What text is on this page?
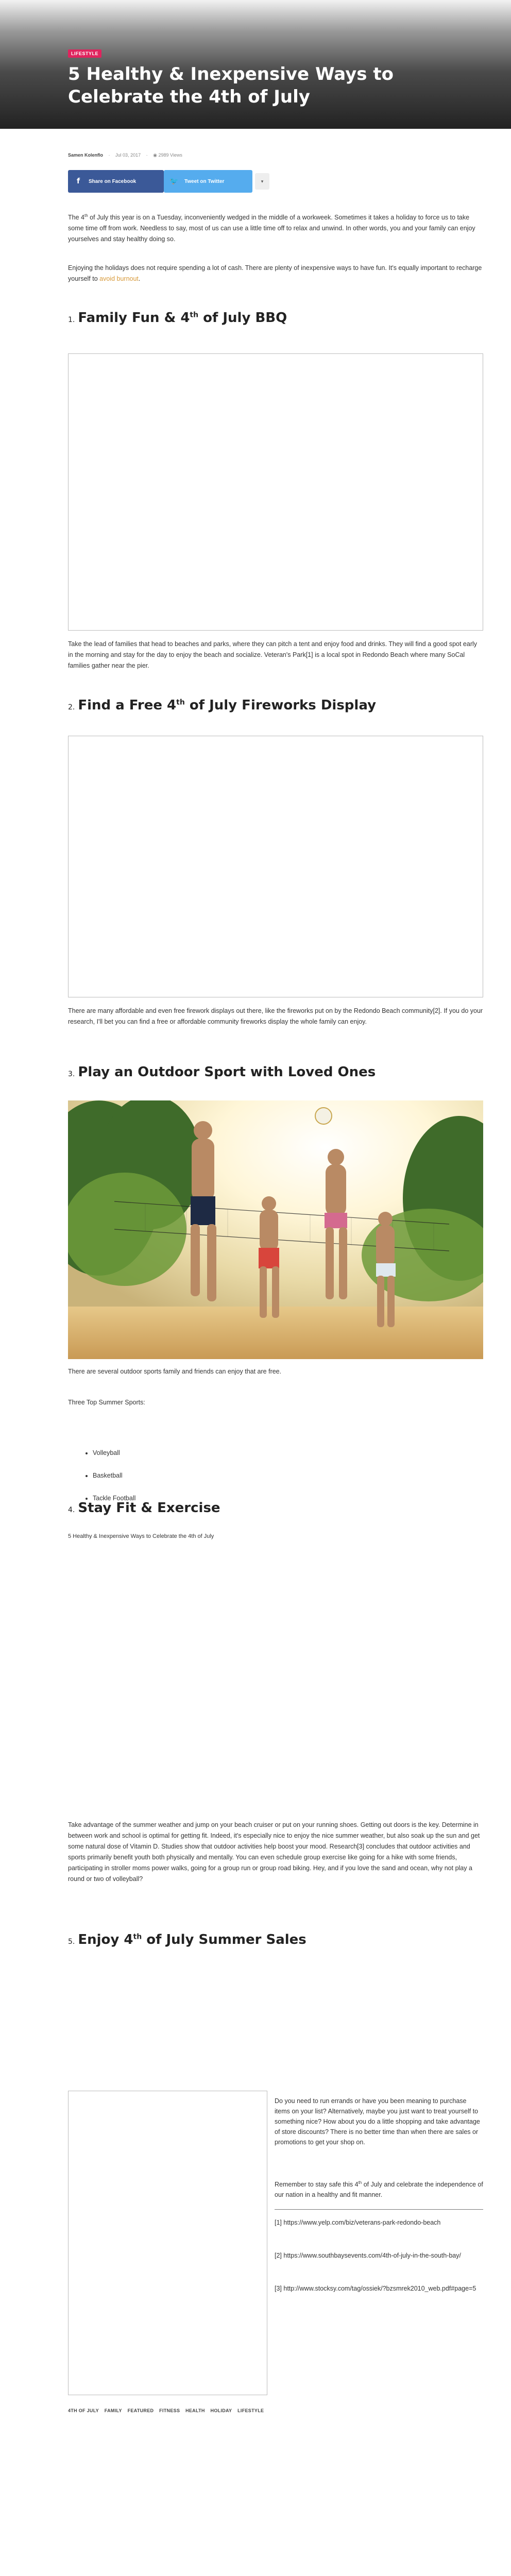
LIFESTYLE
5 Healthy & Inexpensive Ways to Celebrate the 4th of July
Samen Kolenflo · Jul 03, 2017 · ◉ 2989 Views
f	Share on Facebook	🐦	Tweet on Twitter	▾

The 4th of July this year is on a Tuesday, inconveniently wedged in the middle of a workweek. Sometimes it takes a holiday to force us to take some time off from work. Needless to say, most of us can use a little time off to relax and unwind. In other words, you and your family can enjoy yourselves and stay healthy doing so.

Enjoying the holidays does not require spending a lot of cash. There are plenty of inexpensive ways to have fun. It's equally important to recharge yourself to avoid burnout.

1. Family Fun & 4th of July BBQ

Take the lead of families that head to beaches and parks, where they can pitch a tent and enjoy food and drinks. They will find a good spot early in the morning and stay for the day to enjoy the beach and socialize. Veteran's Park[1] is a local spot in Redondo Beach where many SoCal families gather near the pier.

2. Find a Free 4th of July Fireworks Display

There are many affordable and even free firework displays out there, like the fireworks put on by the Redondo Beach community[2]. If you do your research, I'll bet you can find a free or affordable community fireworks display the whole family can enjoy.

3. Play an Outdoor Sport with Loved Ones

There are several outdoor sports family and friends can enjoy that are free.

Three Top Summer Sports:

• Volleyball
• Basketball
• Tackle Football
4. Stay Fit & Exercise

5 Healthy & Inexpensive Ways to Celebrate the 4th of July

Take advantage of the summer weather and jump on your beach cruiser or put on your running shoes. Getting out doors is the key. Determine in between work and school is optimal for getting fit. Indeed, it's especially nice to enjoy the nice summer weather, but also soak up the sun and get some natural dose of Vitamin D. Studies show that outdoor activities help boost your mood. Research[3] concludes that outdoor activities and sports primarily benefit youth both physically and mentally. You can even schedule group exercise like going for a hike with some friends, participating in stroller moms power walks, going for a group run or group road biking. Hey, and if you love the sand and ocean, why not play a round or two of volleyball?

5. Enjoy 4th of July Summer Sales

Do you need to run errands or have you been meaning to purchase items on your list? Alternatively, maybe you just want to treat yourself to something nice? How about you do a little shopping and take advantage of store discounts? There is no better time than when there are sales or promotions to get your shop on.

Remember to stay safe this 4th of July and celebrate the independence of our nation in a healthy and fit manner.

[1] https://www.yelp.com/biz/veterans-park-redondo-beach

[2] https://www.southbaysevents.com/4th-of-july-in-the-south-bay/

[3] http://www.stocksy.com/tag/ossiek/?bzsmrek2010_web.pdf#page=5

4TH OF JULY FAMILY FEATURED FITNESS HEALTH HOLIDAY LIFESTYLE
